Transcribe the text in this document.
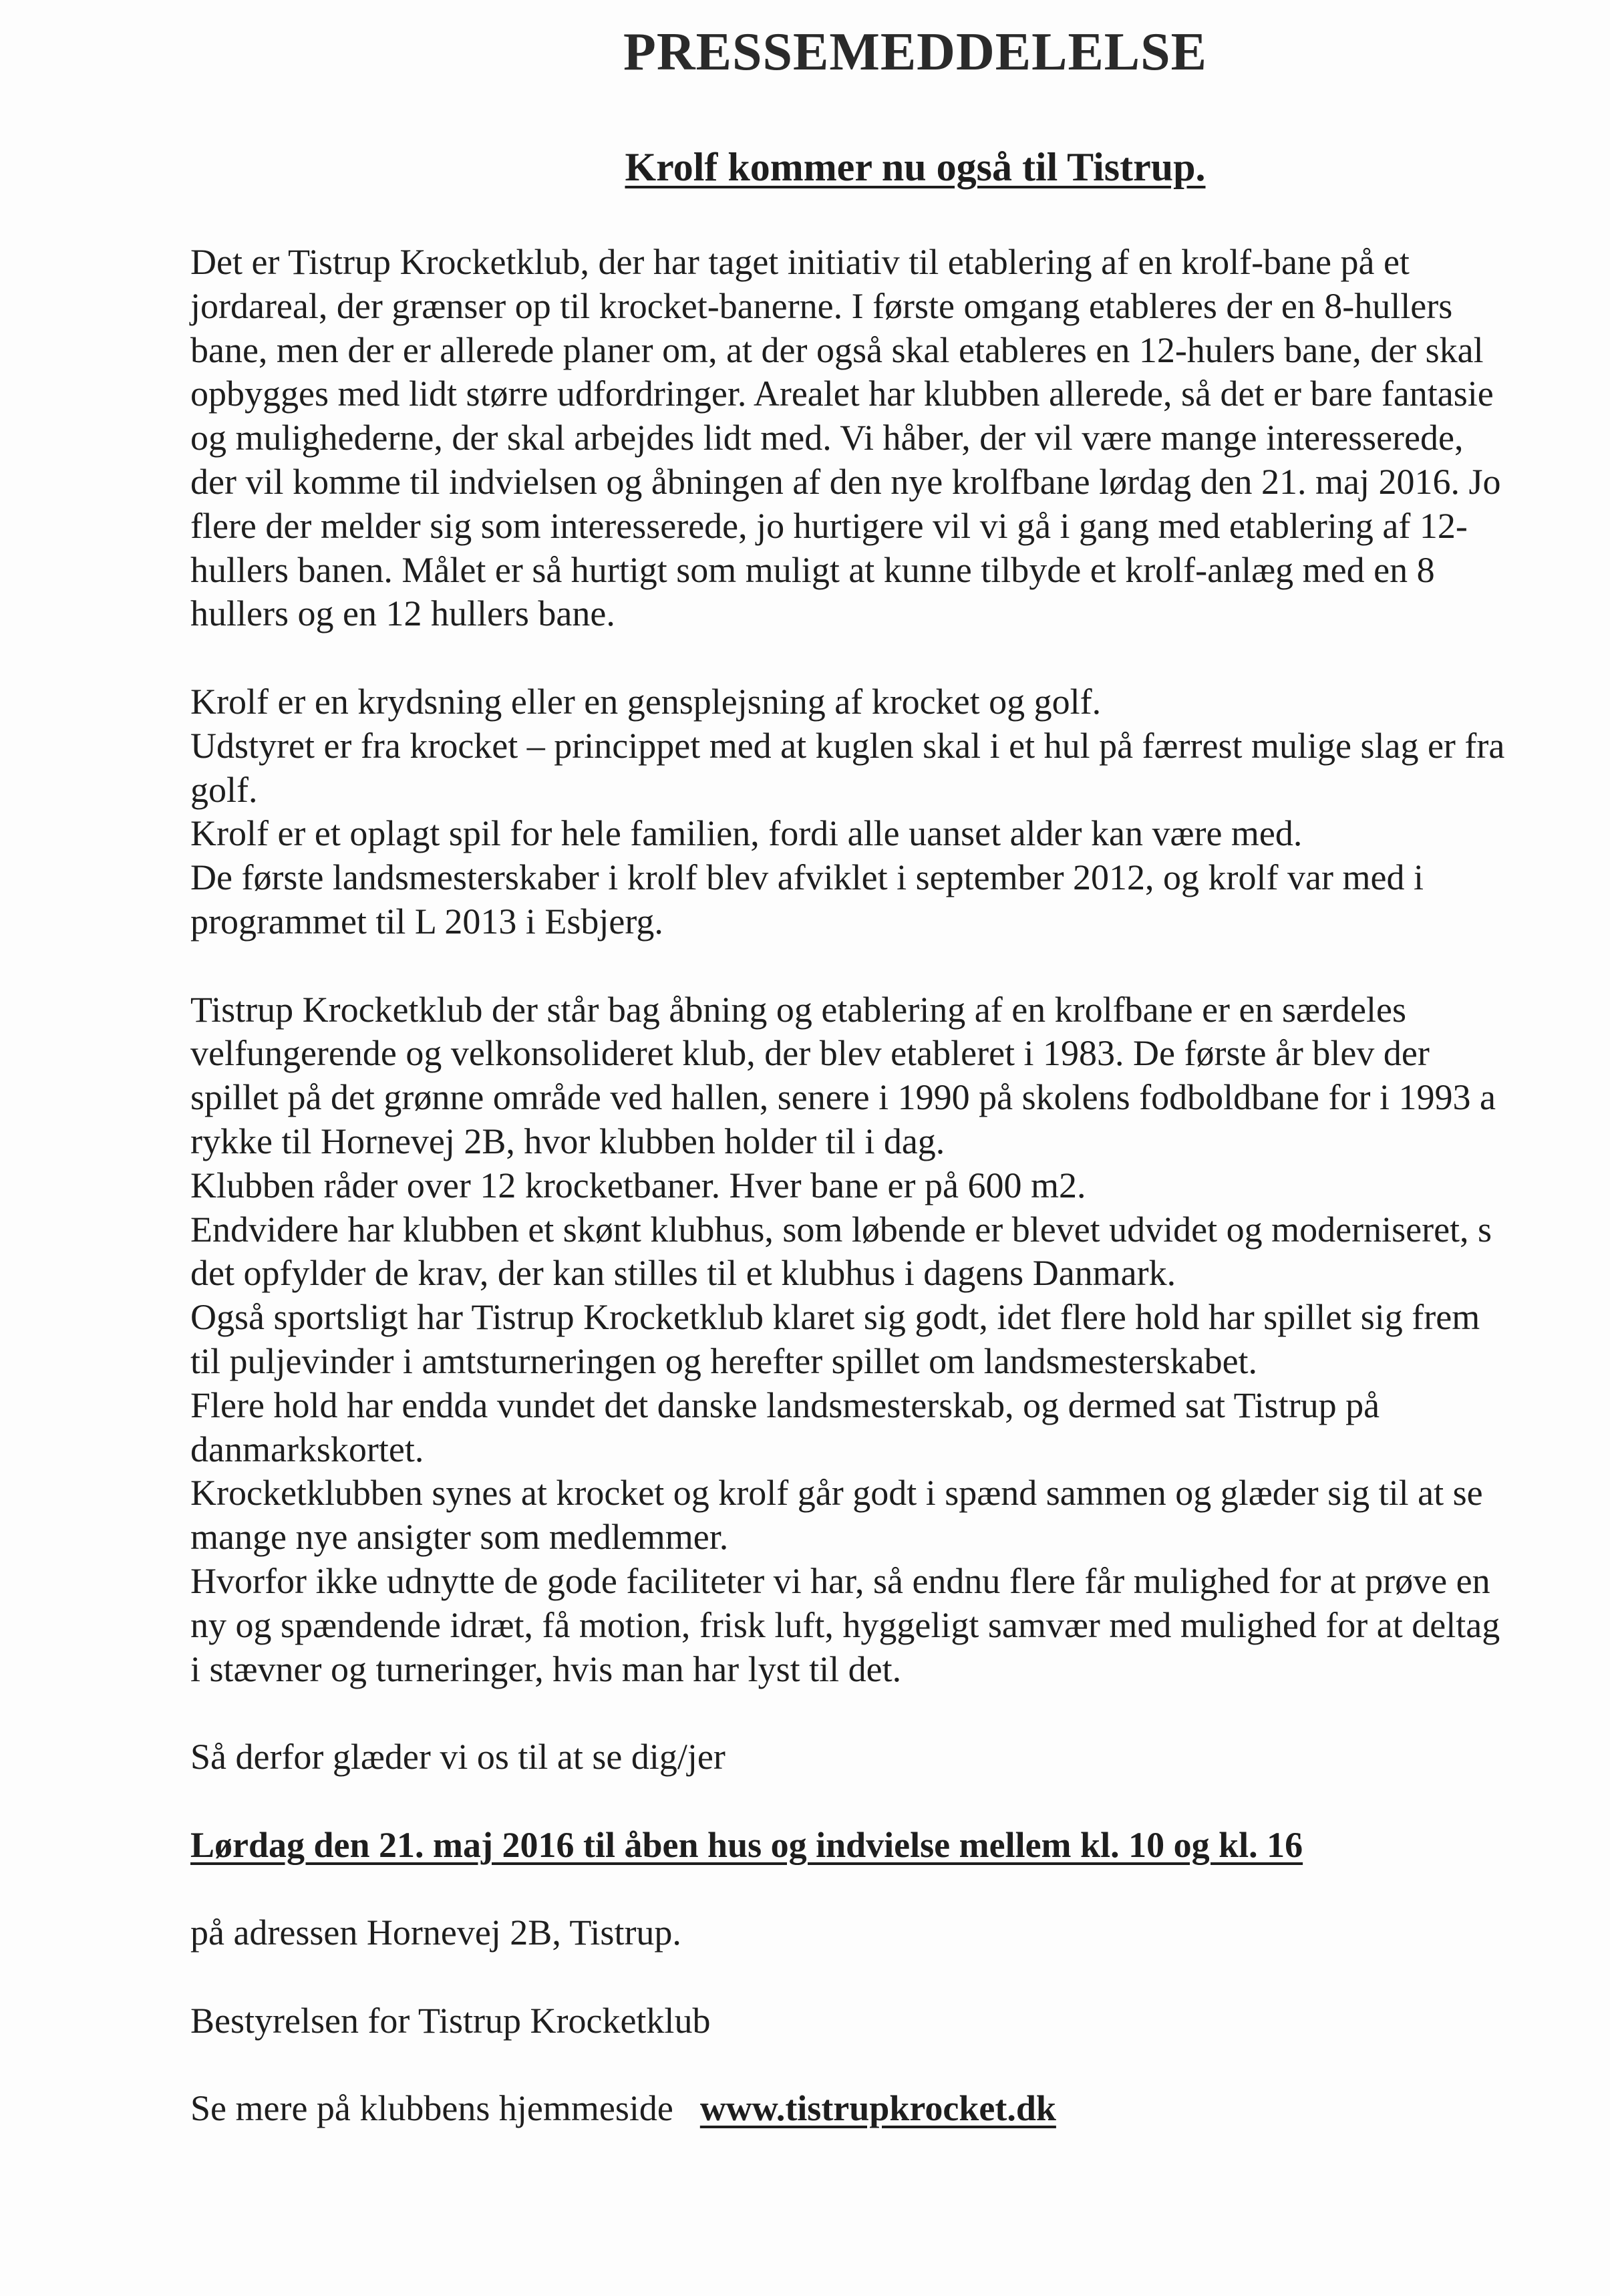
PRESSEMEDDELELSE
Krolf kommer nu også til Tistrup.
Det er Tistrup Krocketklub, der har taget initiativ til etablering af en krolf-bane på et
jordareal, der grænser op til krocket-banerne. I første omgang etableres der en 8-hullers
bane, men der er allerede planer om, at der også skal etableres en 12-hulers bane, der skal
opbygges med lidt større udfordringer. Arealet har klubben allerede, så det er bare fantasie
og mulighederne, der skal arbejdes lidt med. Vi håber, der vil være mange interesserede,
der vil komme til indvielsen og åbningen af den nye krolfbane lørdag den 21. maj 2016. Jo
flere der melder sig som interesserede, jo hurtigere vil vi gå i gang med etablering af 12-
hullers banen. Målet er så hurtigt som muligt at kunne tilbyde et krolf-anlæg med en 8
hullers og en 12 hullers bane.
Krolf er en krydsning eller en gensplejsning af krocket og golf.
Udstyret er fra krocket – princippet med at kuglen skal i et hul på færrest mulige slag er fra
golf.
Krolf er et oplagt spil for hele familien, fordi alle uanset alder kan være med.
De første landsmesterskaber i krolf blev afviklet i september 2012, og krolf var med i
programmet til L 2013 i Esbjerg.
Tistrup Krocketklub der står bag åbning og etablering af en krolfbane er en særdeles
velfungerende og velkonsolideret klub, der blev etableret i 1983. De første år blev der
spillet på det grønne område ved hallen, senere i 1990 på skolens fodboldbane for i 1993 a
rykke til Hornevej 2B, hvor klubben holder til i dag.
Klubben råder over 12 krocketbaner. Hver bane er på 600 m2.
Endvidere har klubben et skønt klubhus, som løbende er blevet udvidet og moderniseret, s
det opfylder de krav, der kan stilles til et klubhus i dagens Danmark.
Også sportsligt har Tistrup Krocketklub klaret sig godt, idet flere hold har spillet sig frem
til puljevinder i amtsturneringen og herefter spillet om landsmesterskabet.
Flere hold har endda vundet det danske landsmesterskab, og dermed sat Tistrup på
danmarkskortet.
Krocketklubben synes at krocket og krolf går godt i spænd sammen og glæder sig til at se
mange nye ansigter som medlemmer.
Hvorfor ikke udnytte de gode faciliteter vi har, så endnu flere får mulighed for at prøve en
ny og spændende idræt, få motion, frisk luft, hyggeligt samvær med mulighed for at deltag
i stævner og turneringer, hvis man har lyst til det.
Så derfor glæder vi os til at se dig/jer
Lørdag den 21. maj 2016 til åben hus og indvielse mellem kl. 10 og kl. 16
på adressen Hornevej 2B, Tistrup.
Bestyrelsen for Tistrup Krocketklub
Se mere på klubbens hjemmeside www.tistrupkrocket.dk
